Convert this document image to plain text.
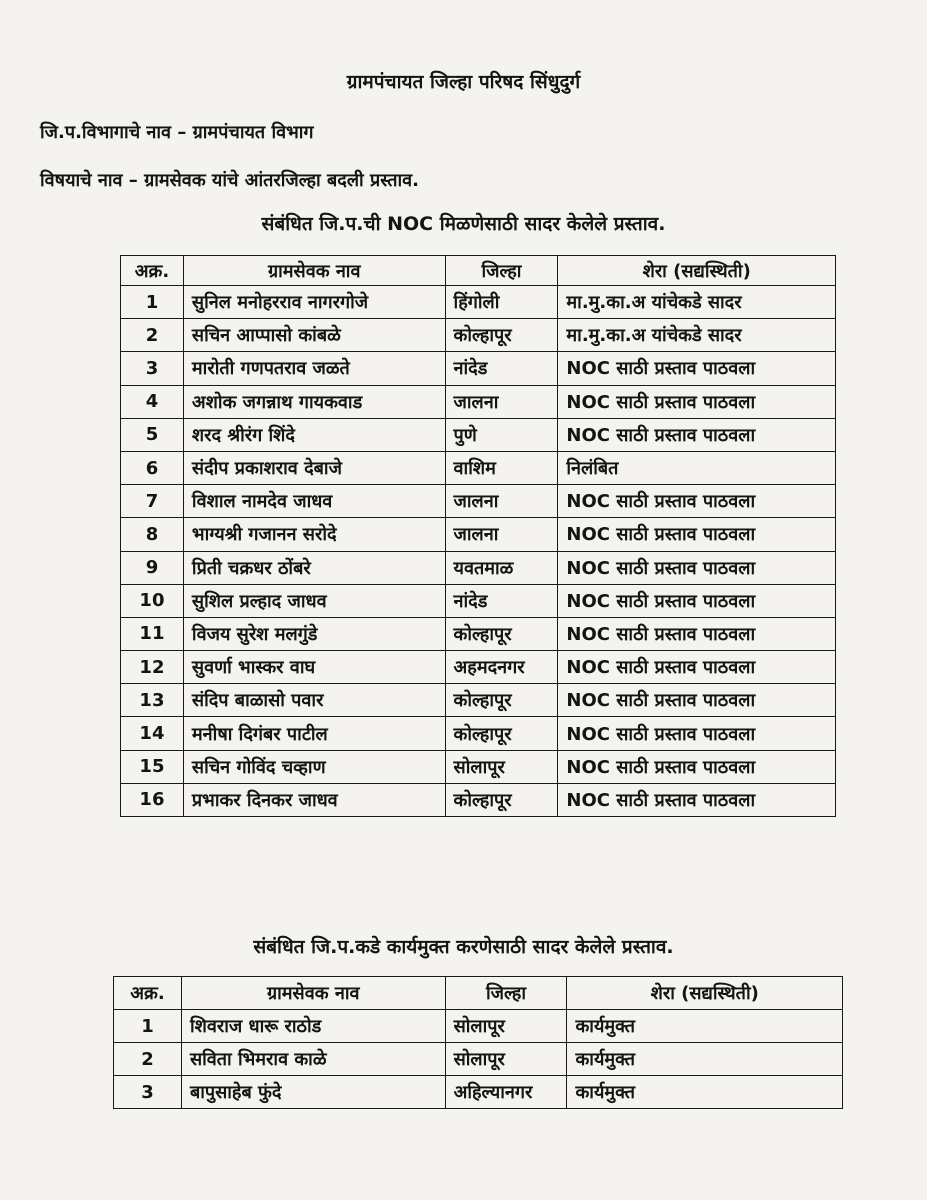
ग्रामपंचायत जिल्हा परिषद सिंधुदुर्ग
जि.प.विभागाचे नाव – ग्रामपंचायत विभाग
विषयाचे नाव – ग्रामसेवक यांचे आंतरजिल्हा बदली प्रस्ताव.
संबंधित जि.प.ची NOC मिळणेसाठी सादर केलेले प्रस्ताव.
अक्र.	ग्रामसेवक नाव	जिल्हा	शेरा (सद्यस्थिती)
1	सुनिल मनोहरराव नागरगोजे	हिंगोली	मा.मु.का.अ यांचेकडे सादर
2	सचिन आप्पासो कांबळे	कोल्हापूर	मा.मु.का.अ यांचेकडे सादर
3	मारोती गणपतराव जळते	नांदेड	NOC साठी प्रस्ताव पाठवला
4	अशोक जगन्नाथ गायकवाड	जालना	NOC साठी प्रस्ताव पाठवला
5	शरद श्रीरंग शिंदे	पुणे	NOC साठी प्रस्ताव पाठवला
6	संदीप प्रकाशराव देबाजे	वाशिम	निलंबित
7	विशाल नामदेव जाधव	जालना	NOC साठी प्रस्ताव पाठवला
8	भाग्यश्री गजानन सरोदे	जालना	NOC साठी प्रस्ताव पाठवला
9	प्रिती चक्रधर ठोंबरे	यवतमाळ	NOC साठी प्रस्ताव पाठवला
10	सुशिल प्रल्हाद जाधव	नांदेड	NOC साठी प्रस्ताव पाठवला
11	विजय सुरेश मलगुंडे	कोल्हापूर	NOC साठी प्रस्ताव पाठवला
12	सुवर्णा भास्कर वाघ	अहमदनगर	NOC साठी प्रस्ताव पाठवला
13	संदिप बाळासो पवार	कोल्हापूर	NOC साठी प्रस्ताव पाठवला
14	मनीषा दिगंबर पाटील	कोल्हापूर	NOC साठी प्रस्ताव पाठवला
15	सचिन गोविंद चव्हाण	सोलापूर	NOC साठी प्रस्ताव पाठवला
16	प्रभाकर दिनकर जाधव	कोल्हापूर	NOC साठी प्रस्ताव पाठवला
संबंधित जि.प.कडे कार्यमुक्त करणेसाठी सादर केलेले प्रस्ताव.
अक्र.	ग्रामसेवक नाव	जिल्हा	शेरा (सद्यस्थिती)
1	शिवराज धारू राठोड	सोलापूर	कार्यमुक्त
2	सविता भिमराव काळे	सोलापूर	कार्यमुक्त
3	बापुसाहेब फुंदे	अहिल्यानगर	कार्यमुक्त
